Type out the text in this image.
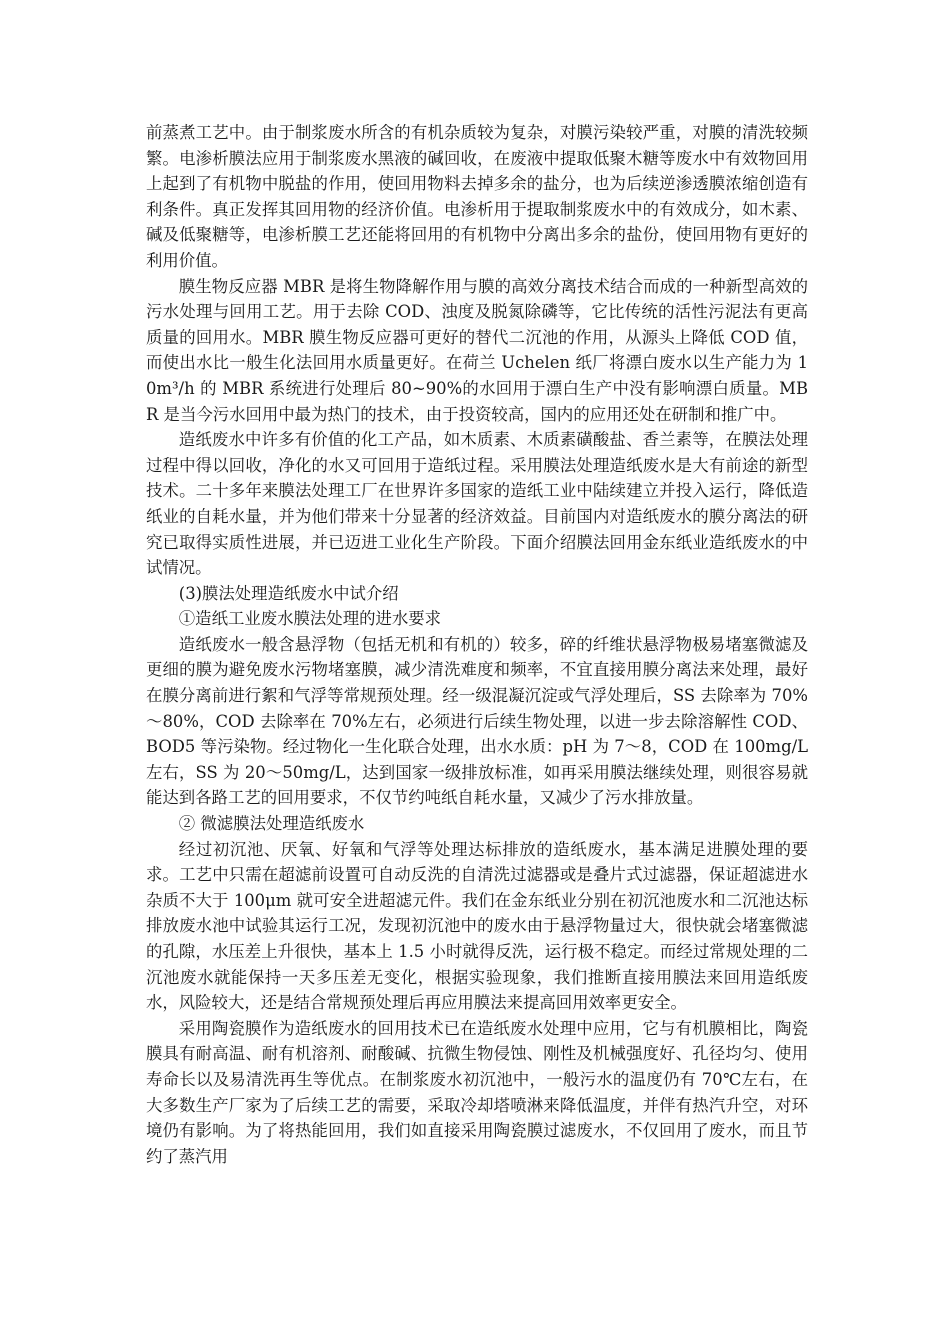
前蒸煮工艺中。由于制浆废水所含的有机杂质较为复杂，对膜污染较严重，对膜的清洗较频繁。电渗析膜法应用于制浆废水黑液的碱回收，在废液中提取低聚木糖等废水中有效物回用上起到了有机物中脱盐的作用，使回用物料去掉多余的盐分，也为后续逆渗透膜浓缩创造有利条件。真正发挥其回用物的经济价值。电渗析用于提取制浆废水中的有效成分，如木素、碱及低聚糖等，电渗析膜工艺还能将回用的有机物中分离出多余的盐份，使回用物有更好的利用价值。

膜生物反应器 MBR 是将生物降解作用与膜的高效分离技术结合而成的一种新型高效的污水处理与回用工艺。用于去除 COD、浊度及脱氮除磷等，它比传统的活性污泥法有更高质量的回用水。MBR 膜生物反应器可更好的替代二沉池的作用，从源头上降低 COD 值，而使出水比一般生化法回用水质量更好。在荷兰 Uchelen 纸厂将漂白废水以生产能力为 10m³/h 的 MBR 系统进行处理后 80~90%的水回用于漂白生产中没有影响漂白质量。MBR 是当今污水回用中最为热门的技术，由于投资较高，国内的应用还处在研制和推广中。

造纸废水中许多有价值的化工产品，如木质素、木质素磺酸盐、香兰素等，在膜法处理过程中得以回收，净化的水又可回用于造纸过程。采用膜法处理造纸废水是大有前途的新型技术。二十多年来膜法处理工厂在世界许多国家的造纸工业中陆续建立并投入运行，降低造纸业的自耗水量，并为他们带来十分显著的经济效益。目前国内对造纸废水的膜分离法的研究已取得实质性进展，并已迈进工业化生产阶段。下面介绍膜法回用金东纸业造纸废水的中试情况。

(3)膜法处理造纸废水中试介绍

①造纸工业废水膜法处理的进水要求

造纸废水一般含悬浮物（包括无机和有机的）较多，碎的纤维状悬浮物极易堵塞微滤及更细的膜为避免废水污物堵塞膜，减少清洗难度和频率，不宜直接用膜分离法来处理，最好在膜分离前进行絮和气浮等常规预处理。经一级混凝沉淀或气浮处理后，SS 去除率为 70%～80%，COD 去除率在 70%左右，必须进行后续生物处理，以进一步去除溶解性 COD、BOD5 等污染物。经过物化一生化联合处理，出水水质：pH 为 7～8，COD 在 100mg/L 左右，SS 为 20～50mg/L，达到国家一级排放标准，如再采用膜法继续处理，则很容易就能达到各路工艺的回用要求，不仅节约吨纸自耗水量，又减少了污水排放量。

② 微滤膜法处理造纸废水

经过初沉池、厌氧、好氧和气浮等处理达标排放的造纸废水，基本满足进膜处理的要求。工艺中只需在超滤前设置可自动反洗的自清洗过滤器或是叠片式过滤器，保证超滤进水杂质不大于 100μm 就可安全进超滤元件。我们在金东纸业分别在初沉池废水和二沉池达标排放废水池中试验其运行工况，发现初沉池中的废水由于悬浮物量过大，很快就会堵塞微滤的孔隙，水压差上升很快，基本上 1.5 小时就得反洗，运行极不稳定。而经过常规处理的二沉池废水就能保持一天多压差无变化，根据实验现象，我们推断直接用膜法来回用造纸废水，风险较大，还是结合常规预处理后再应用膜法来提高回用效率更安全。

采用陶瓷膜作为造纸废水的回用技术已在造纸废水处理中应用，它与有机膜相比，陶瓷膜具有耐高温、耐有机溶剂、耐酸碱、抗微生物侵蚀、刚性及机械强度好、孔径均匀、使用寿命长以及易清洗再生等优点。在制浆废水初沉池中，一般污水的温度仍有 70℃左右，在大多数生产厂家为了后续工艺的需要，采取冷却塔喷淋来降低温度，并伴有热汽升空，对环境仍有影响。为了将热能回用，我们如直接采用陶瓷膜过滤废水，不仅回用了废水，而且节约了蒸汽用
